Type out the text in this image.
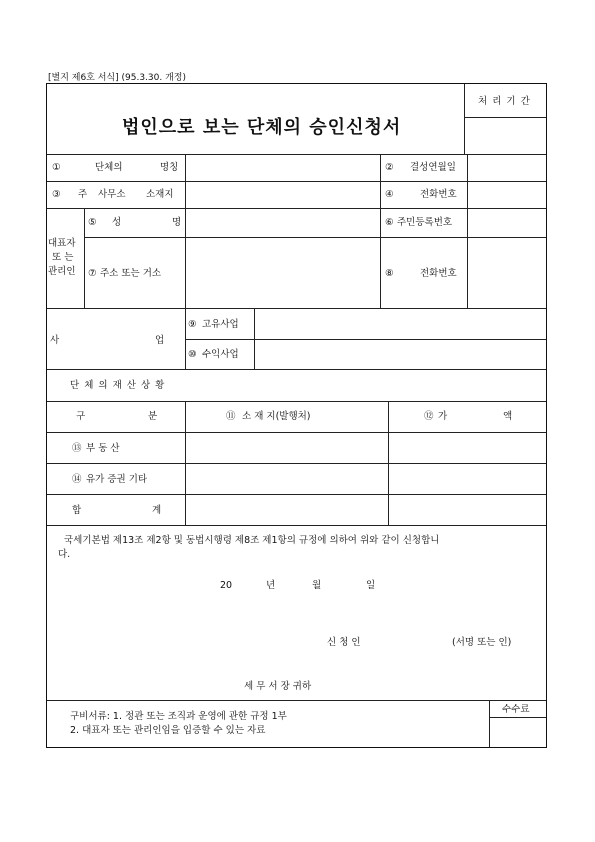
[별지 제6호 서식] (95.3.30. 개정)
법인으로 보는 단체의 승인신청서
처 리 기 간
①	단체의	명칭	② 결성연월일
③ 주 사무소 소재지	④	전화번호
대표자
또 는
관리인
⑤ 성	명	⑥ 주민등록번호
⑦ 주소 또는 거소	⑧	전화번호
사	업
⑨ 고유사업
⑩ 수익사업
단 체 의 재 산 상 황
구	분	⑪ 소 재 지(발행처)	⑫ 가	액
⑬ 부 동 산
⑭ 유가 증권 기타
합	계
국세기본법 제13조 제2항 및 동법시행령 제8조 제1항의 규정에 의하여 위와 같이 신청합니
다.
20	년	월	일
신 청 인	(서명 또는 인)
세 무 서 장 귀하
수수료
구비서류: 1. 정관 또는 조직과 운영에 관한 규정 1부
2. 대표자 또는 관리인임을 입증할 수 있는 자료
